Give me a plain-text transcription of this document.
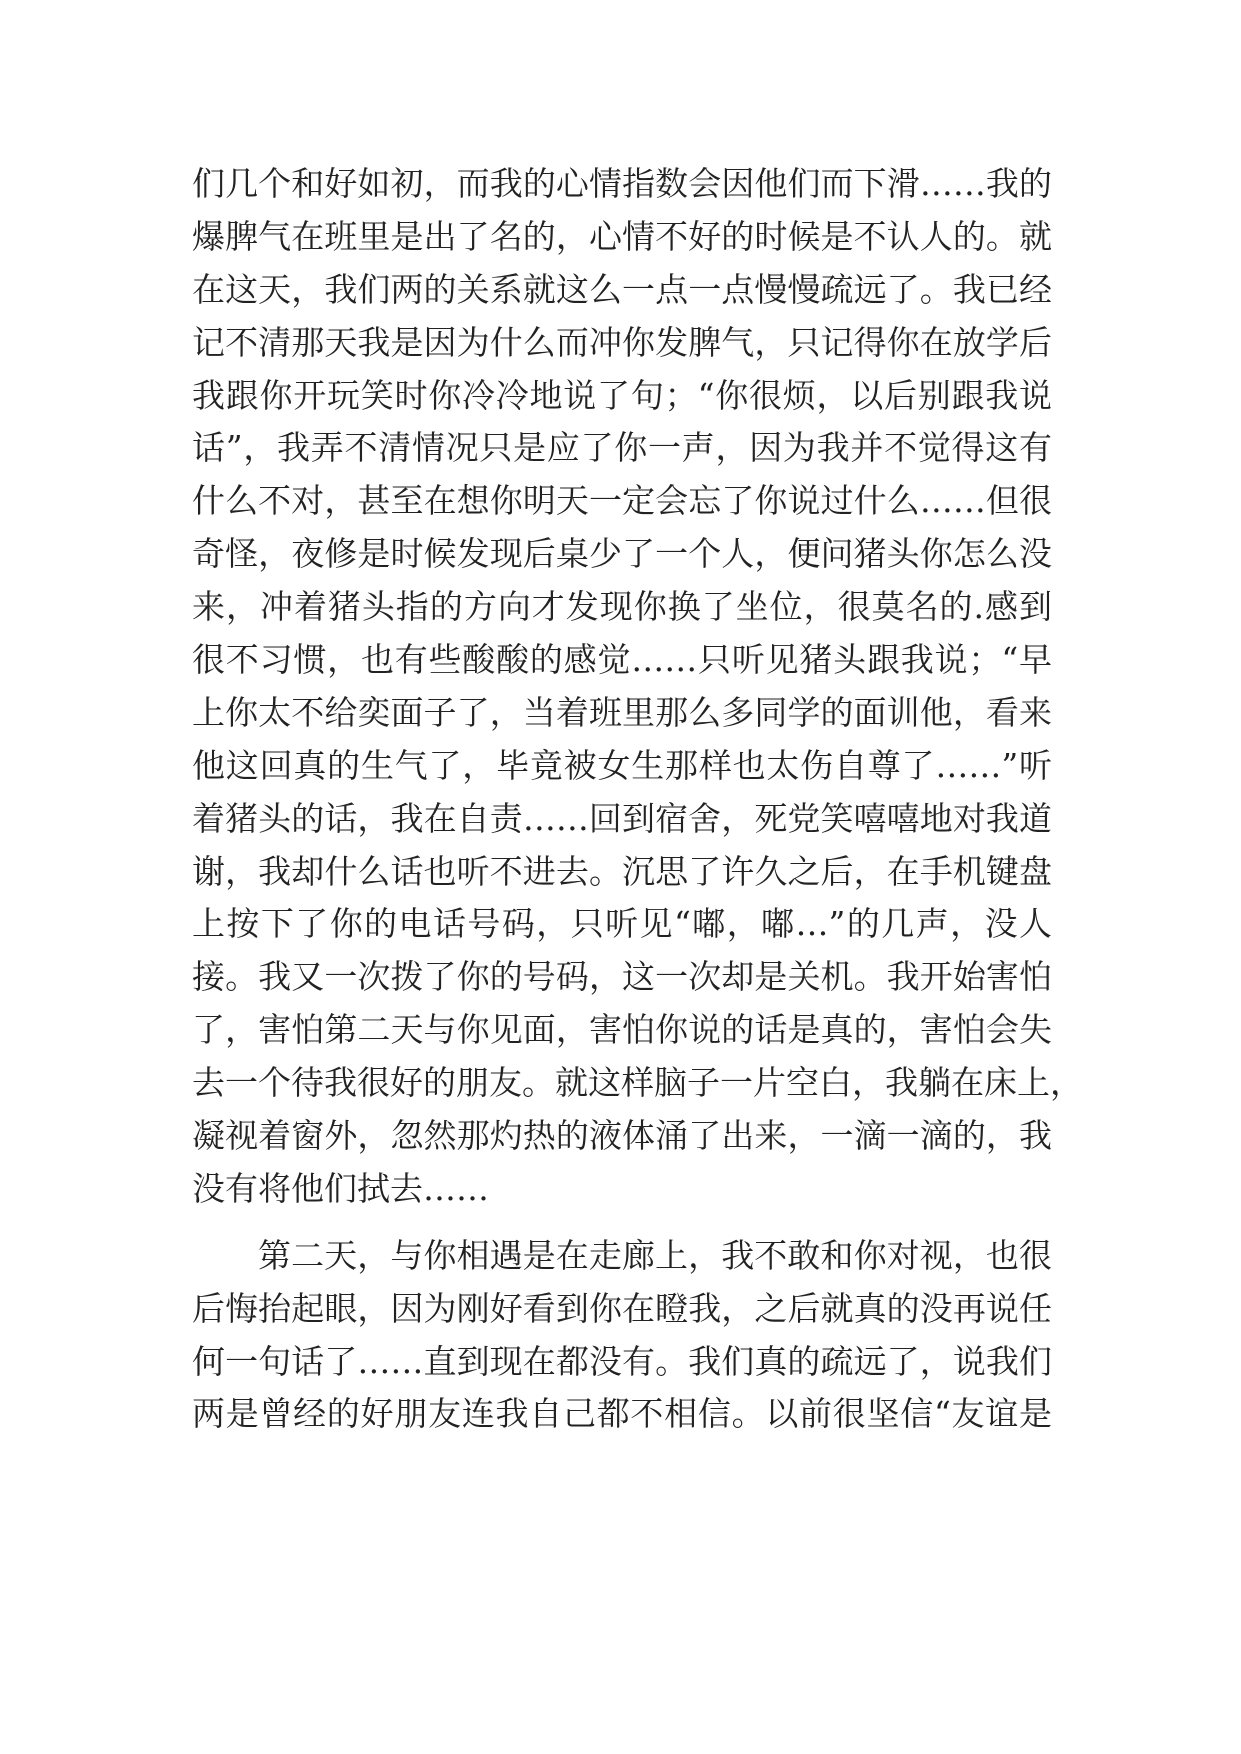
们几个和好如初，而我的心情指数会因他们而下滑……我的
爆脾气在班里是出了名的，心情不好的时候是不认人的。就
在这天，我们两的关系就这么一点一点慢慢疏远了。我已经
记不清那天我是因为什么而冲你发脾气，只记得你在放学后
我跟你开玩笑时你冷冷地说了句；“你很烦，以后别跟我说
话”，我弄不清情况只是应了你一声，因为我并不觉得这有
什么不对，甚至在想你明天一定会忘了你说过什么……但很
奇怪，夜修是时候发现后桌少了一个人，便问猪头你怎么没
来，冲着猪头指的方向才发现你换了坐位，很莫名的.感到
很不习惯，也有些酸酸的感觉……只听见猪头跟我说；“早
上你太不给奕面子了，当着班里那么多同学的面训他，看来
他这回真的生气了，毕竟被女生那样也太伤自尊了……”听
着猪头的话，我在自责……回到宿舍，死党笑嘻嘻地对我道
谢，我却什么话也听不进去。沉思了许久之后，在手机键盘
上按下了你的电话号码，只听见“嘟，嘟…”的几声，没人
接。我又一次拨了你的号码，这一次却是关机。我开始害怕
了，害怕第二天与你见面，害怕你说的话是真的，害怕会失
去一个待我很好的朋友。就这样脑子一片空白，我躺在床上，
凝视着窗外，忽然那灼热的液体涌了出来，一滴一滴的，我
没有将他们拭去……
第二天，与你相遇是在走廊上，我不敢和你对视，也很
后悔抬起眼，因为刚好看到你在瞪我，之后就真的没再说任
何一句话了……直到现在都没有。我们真的疏远了，说我们
两是曾经的好朋友连我自己都不相信。以前很坚信“友谊是
